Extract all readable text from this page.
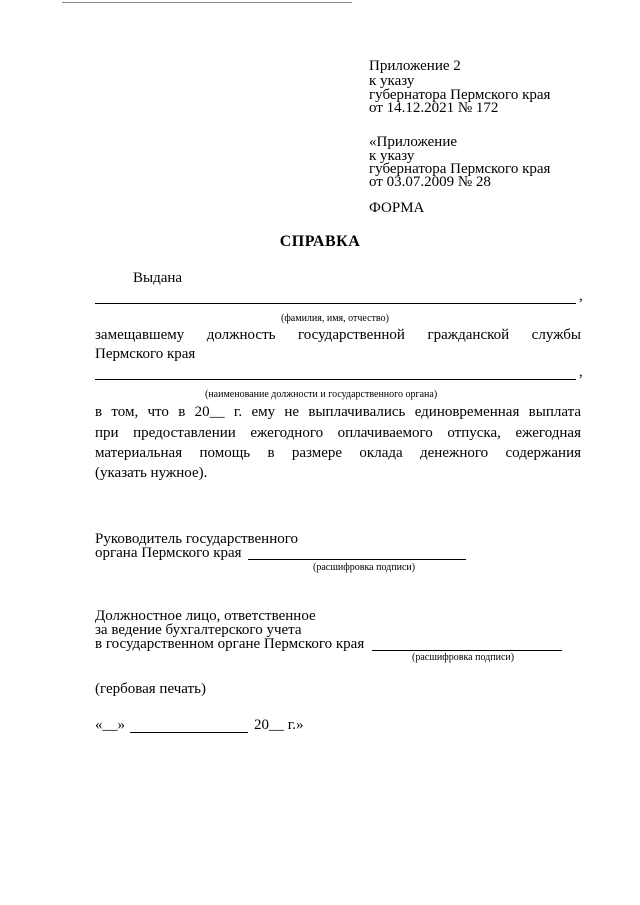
Приложение 2
к указу
губернатора Пермского края
от 14.12.2021 № 172
«Приложение
к указу
губернатора Пермского края
от 03.07.2009 № 28
ФОРМА
СПРАВКА
Выдана
,
(фамилия, имя, отчество)
замещавшему должность государственной гражданской службы
Пермского края
,
(наименование должности и государственного органа)
в том, что в 20__ г. ему не выплачивались единовременная выплата
при предоставлении ежегодного оплачиваемого отпуска, ежегодная
материальная помощь в размере оклада денежного содержания
(указать нужное).
Руководитель государственного
органа Пермского края
(расшифровка подписи)
Должностное лицо, ответственное
за ведение бухгалтерского учета
в государственном органе Пермского края
(расшифровка подписи)
(гербовая печать)
«__»	20__ г.»
